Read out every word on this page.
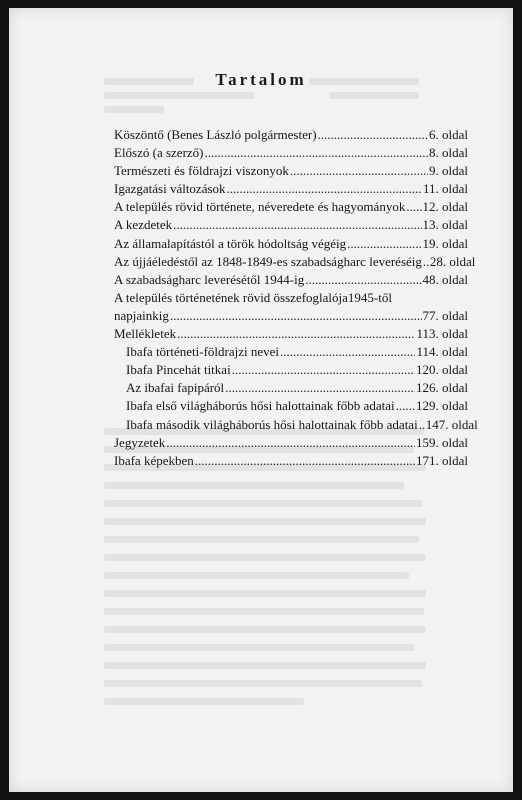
Tartalom
Köszöntő (Benes László polgármester) .....	6. oldal
Előszó (a szerző) .....	8. oldal
Természeti és földrajzi viszonyok .....	9. oldal
Igazgatási változások .....	11. oldal
A település rövid története, néveredete és hagyományok ..... 12. oldal
A kezdetek .....	13. oldal
Az államalapítástól a török hódoltság végéig .....	19. oldal
Az újjáéledéstől az 1848-1849-es szabadságharc leveréséig ..... 28. oldal
A szabadságharc leverésétől 1944-ig .....	48. oldal
A település történetének rövid összefoglalója1945-től
napjainkig .....	77. oldal
Mellékletek .....	113. oldal
Ibafa történeti-földrajzi nevei .....	114. oldal
Ibafa Pincehát titkai .....	120. oldal
Az ibafai fapipáról .....	126. oldal
Ibafa első világháborús hősi halottainak főbb adatai ..... 129. oldal
Ibafa második világháborús hősi halottainak főbb adatai ..... 147. oldal
Jegyzetek .....	159. oldal
Ibafa képekben .....	171. oldal
